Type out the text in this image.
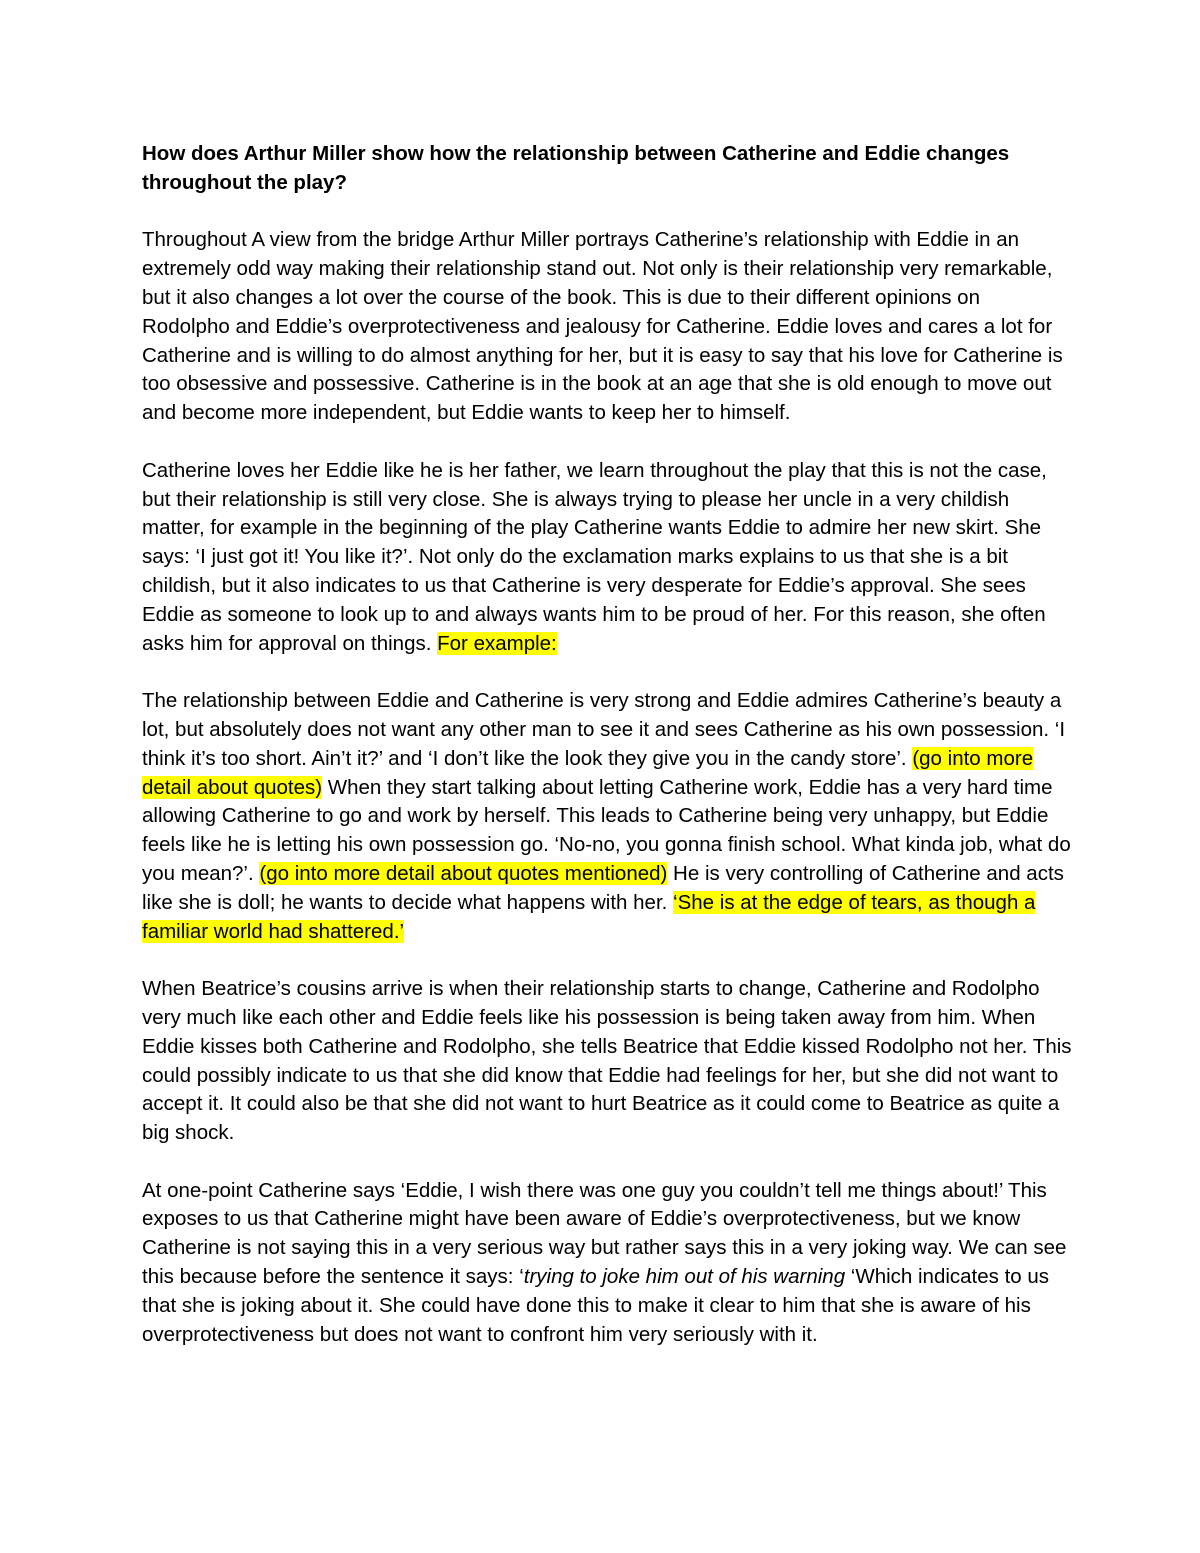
How does Arthur Miller show how the relationship between Catherine and Eddie changes throughout the play?

Throughout A view from the bridge Arthur Miller portrays Catherine’s relationship with Eddie in an extremely odd way making their relationship stand out. Not only is their relationship very remarkable, but it also changes a lot over the course of the book. This is due to their different opinions on Rodolpho and Eddie’s overprotectiveness and jealousy for Catherine. Eddie loves and cares a lot for Catherine and is willing to do almost anything for her, but it is easy to say that his love for Catherine is too obsessive and possessive. Catherine is in the book at an age that she is old enough to move out and become more independent, but Eddie wants to keep her to himself.

Catherine loves her Eddie like he is her father, we learn throughout the play that this is not the case, but their relationship is still very close. She is always trying to please her uncle in a very childish matter, for example in the beginning of the play Catherine wants Eddie to admire her new skirt. She says: ‘I just got it! You like it?’. Not only do the exclamation marks explains to us that she is a bit childish, but it also indicates to us that Catherine is very desperate for Eddie’s approval. She sees Eddie as someone to look up to and always wants him to be proud of her. For this reason, she often asks him for approval on things. For example:

The relationship between Eddie and Catherine is very strong and Eddie admires Catherine’s beauty a lot, but absolutely does not want any other man to see it and sees Catherine as his own possession. ‘I think it’s too short. Ain’t it?’ and ‘I don’t like the look they give you in the candy store’. (go into more detail about quotes) When they start talking about letting Catherine work, Eddie has a very hard time allowing Catherine to go and work by herself. This leads to Catherine being very unhappy, but Eddie feels like he is letting his own possession go. ‘No-no, you gonna finish school. What kinda job, what do you mean?’. (go into more detail about quotes mentioned) He is very controlling of Catherine and acts like she is doll; he wants to decide what happens with her. ‘She is at the edge of tears, as though a familiar world had shattered.’

When Beatrice’s cousins arrive is when their relationship starts to change, Catherine and Rodolpho very much like each other and Eddie feels like his possession is being taken away from him. When Eddie kisses both Catherine and Rodolpho, she tells Beatrice that Eddie kissed Rodolpho not her. This could possibly indicate to us that she did know that Eddie had feelings for her, but she did not want to accept it. It could also be that she did not want to hurt Beatrice as it could come to Beatrice as quite a big shock.

At one-point Catherine says ‘Eddie, I wish there was one guy you couldn’t tell me things about!’ This exposes to us that Catherine might have been aware of Eddie’s overprotectiveness, but we know Catherine is not saying this in a very serious way but rather says this in a very joking way. We can see this because before the sentence it says: ‘trying to joke him out of his warning ‘Which indicates to us that she is joking about it. She could have done this to make it clear to him that she is aware of his overprotectiveness but does not want to confront him very seriously with it.
